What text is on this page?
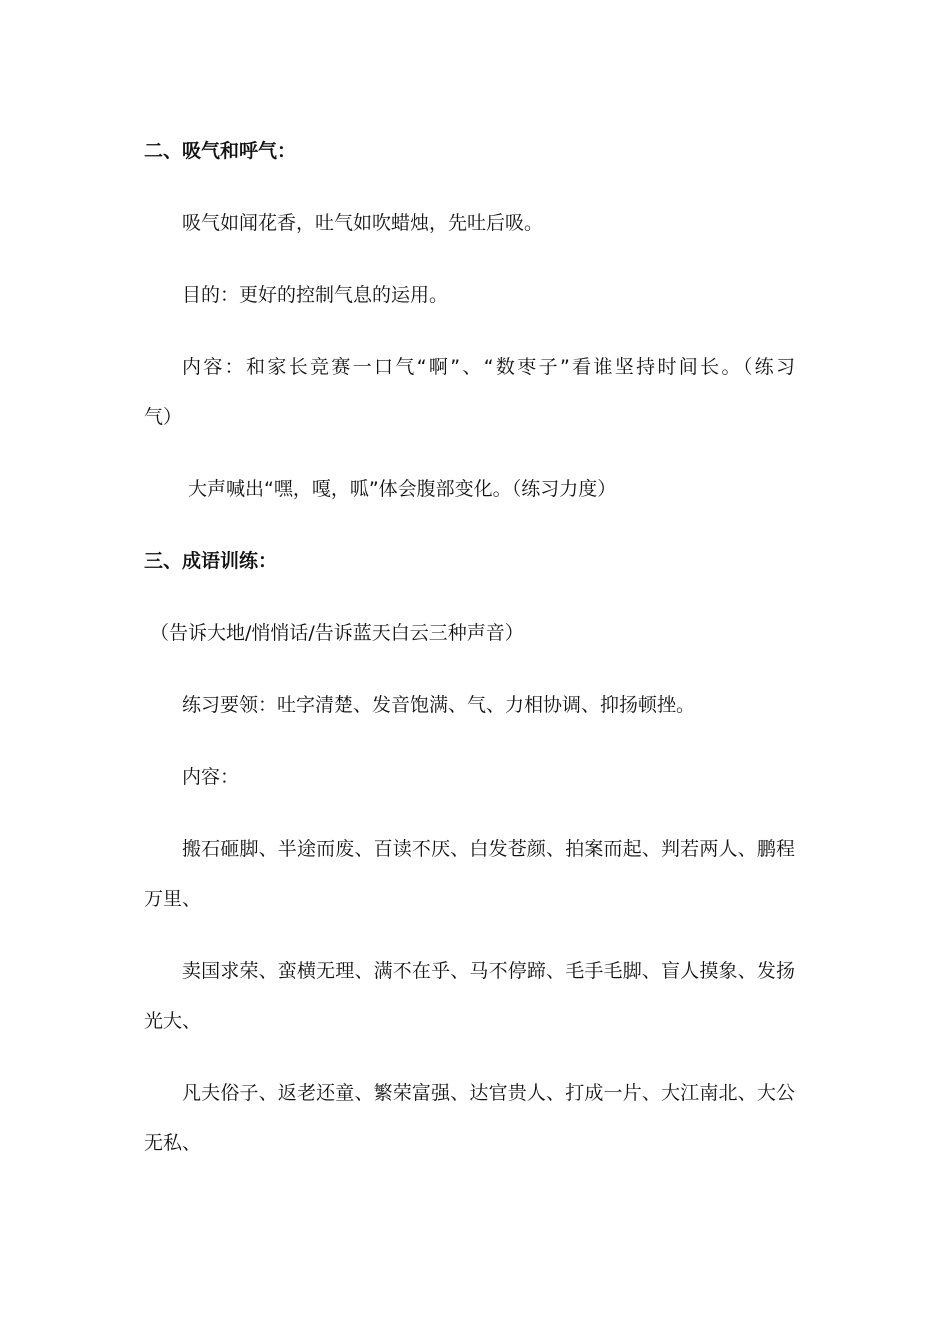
二、吸气和呼气：
吸气如闻花香，吐气如吹蜡烛，先吐后吸。
目的：更好的控制气息的运用。
内容：和家长竞赛一口气“啊”、“数枣子”看谁坚持时间长。（练习
气）
大声喊出“嘿，嘎，呱”体会腹部变化。（练习力度）
三、成语训练：
（告诉大地/悄悄话/告诉蓝天白云三种声音）
练习要领：吐字清楚、发音饱满、气、力相协调、抑扬顿挫。
内容：
搬石砸脚、半途而废、百读不厌、白发苍颜、拍案而起、判若两人、鹏程
万里、
卖国求荣、蛮横无理、满不在乎、马不停蹄、毛手毛脚、盲人摸象、发扬
光大、
凡夫俗子、返老还童、繁荣富强、达官贵人、打成一片、大江南北、大公
无私、
